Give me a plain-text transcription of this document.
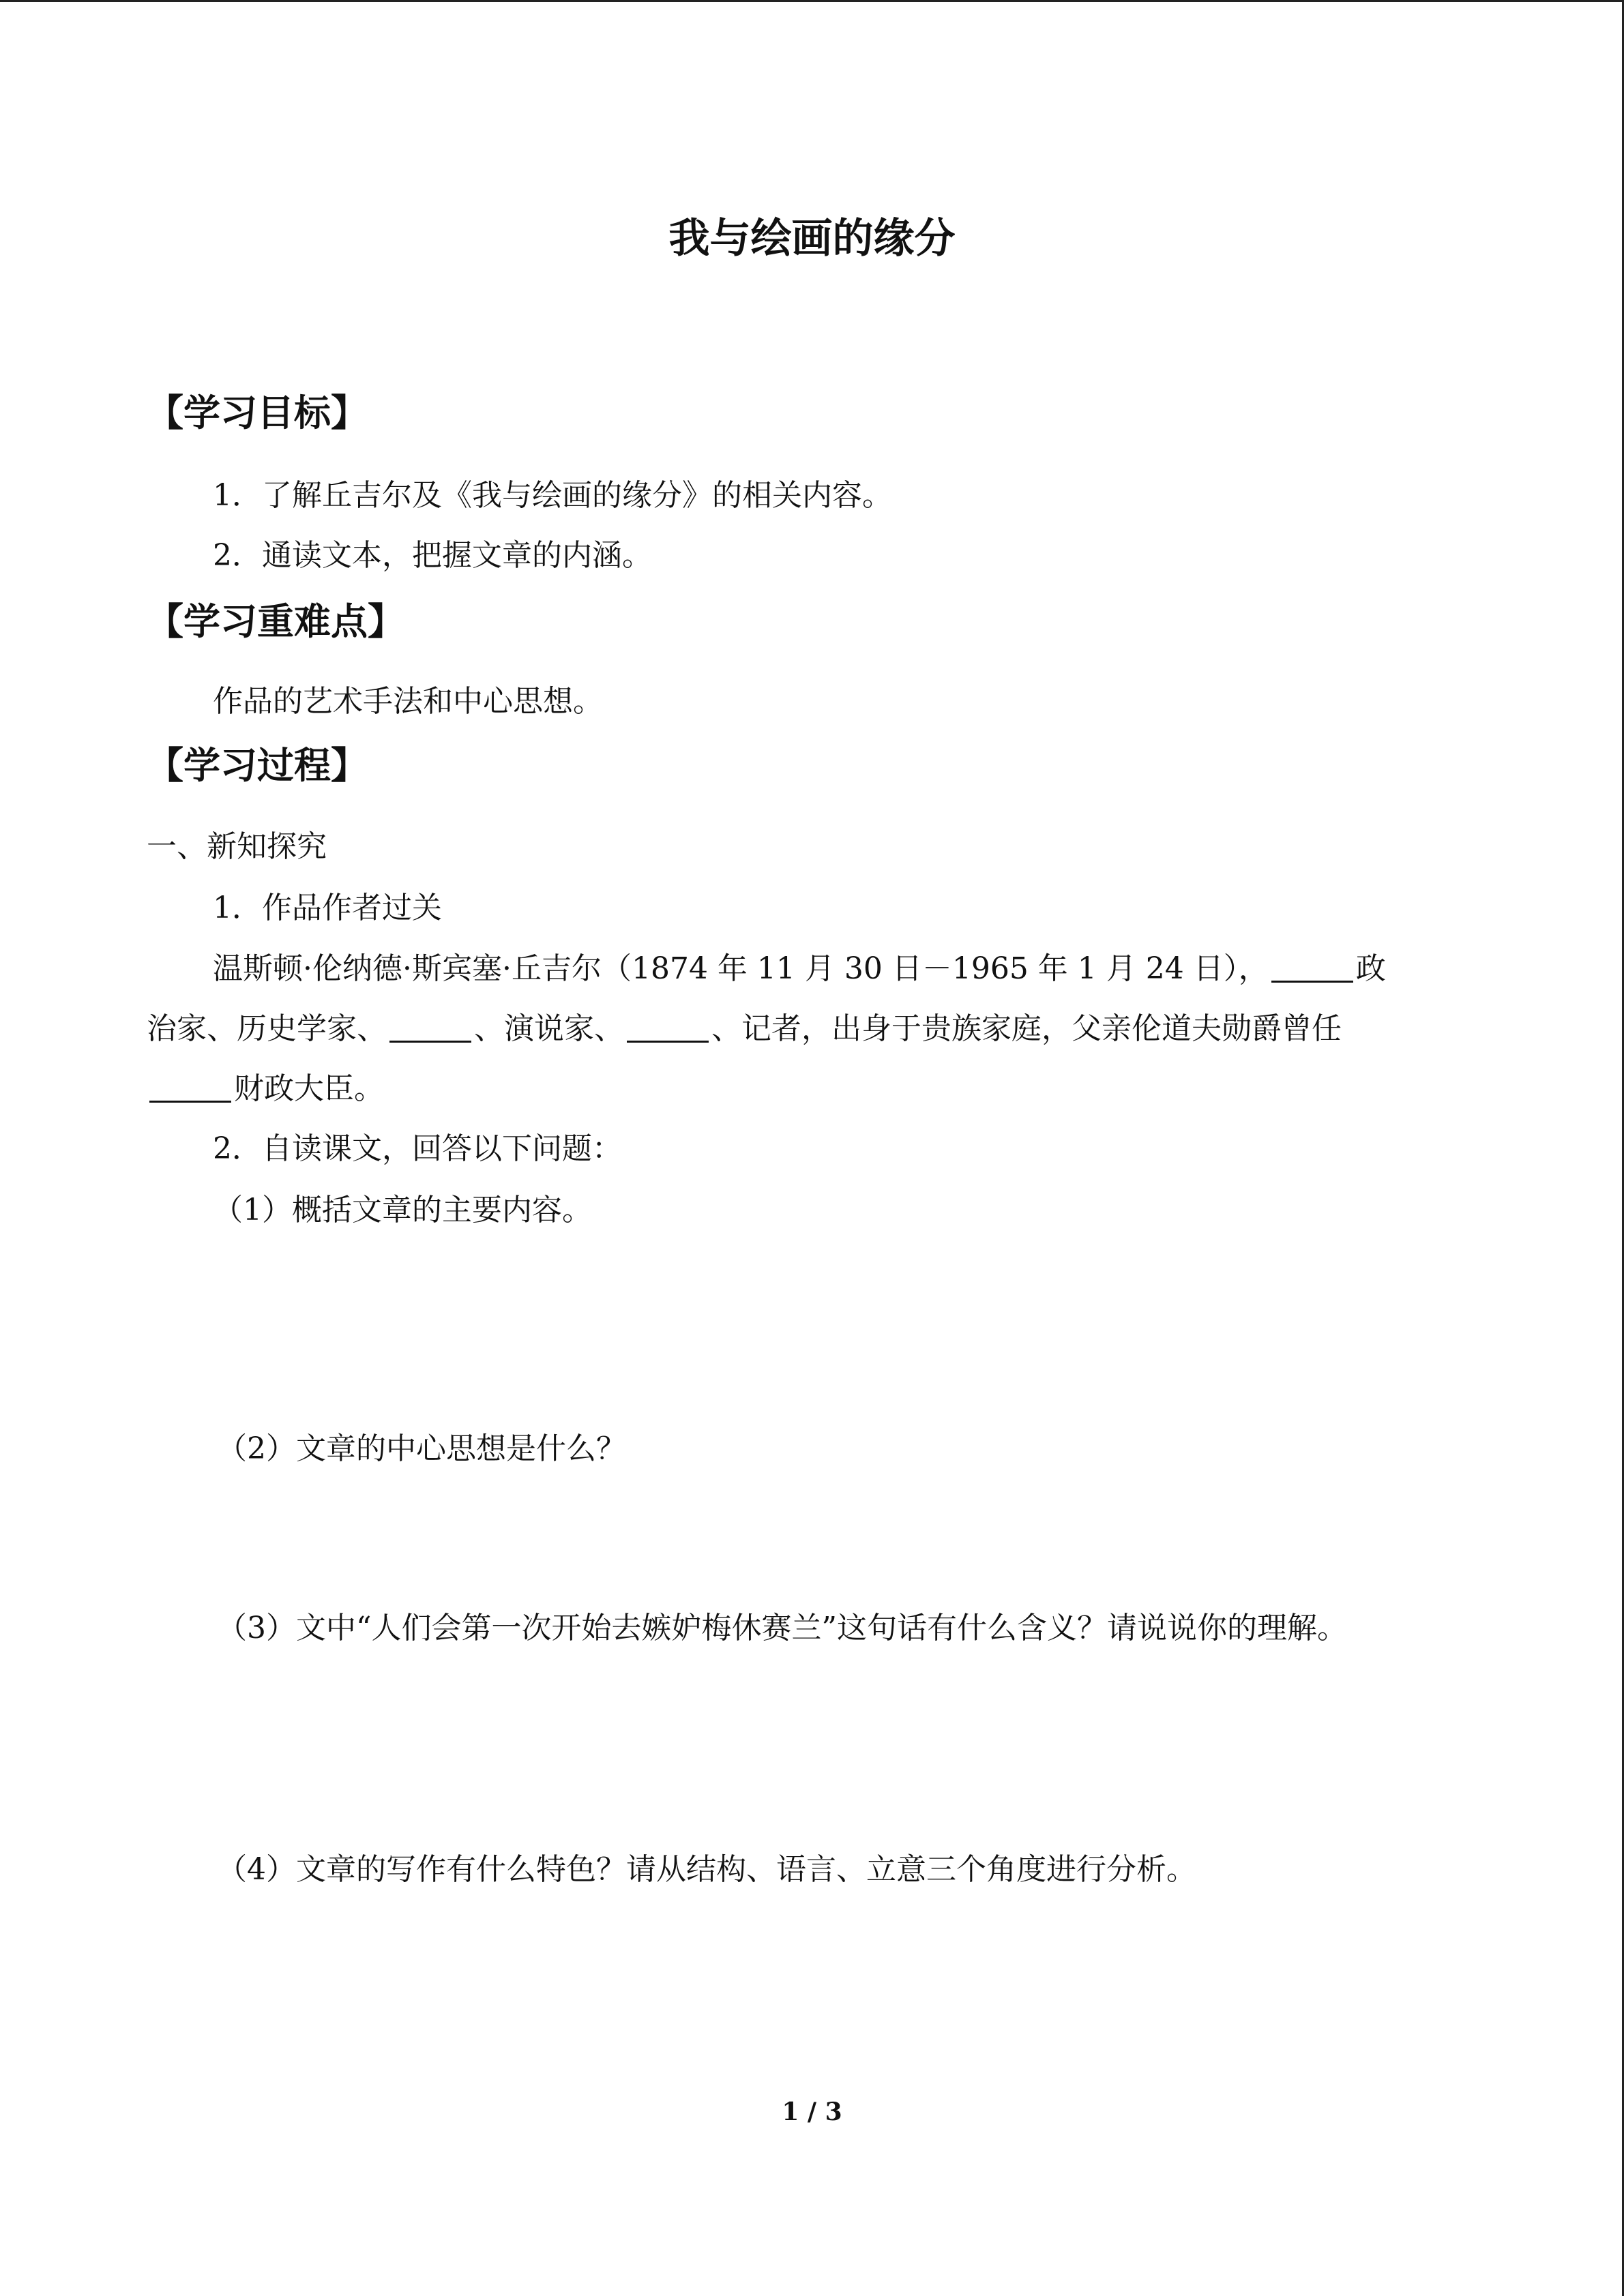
我与绘画的缘分
【学习目标】
1．了解丘吉尔及《我与绘画的缘分》的相关内容。
2．通读文本，把握文章的内涵。
【学习重难点】
作品的艺术手法和中心思想。
【学习过程】
一、新知探究
1．作品作者过关
温斯顿·伦纳德·斯宾塞·丘吉尔（1874 年 11 月 30 日－1965 年 1 月 24 日），	政
治家、历史学家、	、演说家、	、记者，出身于贵族家庭，父亲伦道夫勋爵曾任
财政大臣。
2．自读课文，回答以下问题：
（1）概括文章的主要内容。
（2）文章的中心思想是什么？
（3）文中“人们会第一次开始去嫉妒梅休赛兰”这句话有什么含义？请说说你的理解。
（4）文章的写作有什么特色？请从结构、语言、立意三个角度进行分析。
1 / 3
